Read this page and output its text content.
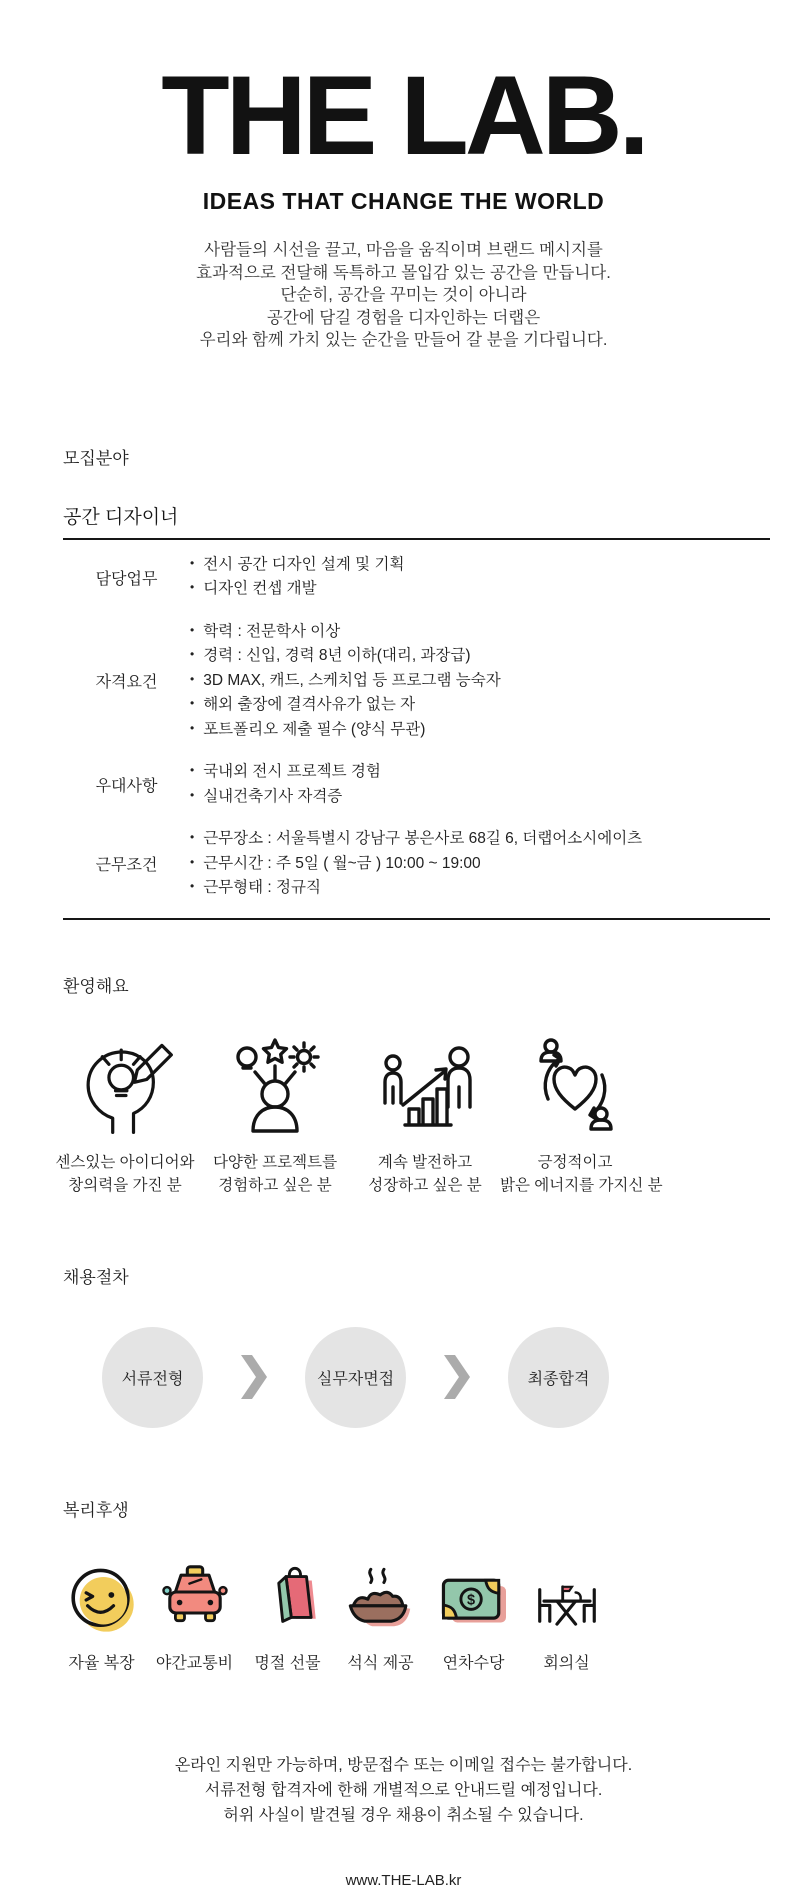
THE LAB.
IDEAS THAT CHANGE THE WORLD
사람들의 시선을 끌고, 마음을 움직이며 브랜드 메시지를
효과적으로 전달해 독특하고 몰입감 있는 공간을 만듭니다.
단순히, 공간을 꾸미는 것이 아니라
공간에 담길 경험을 디자인하는 더랩은
우리와 함께 가치 있는 순간을 만들어 갈 분을 기다립니다.
모집분야
공간 디자이너
담당업무
• 전시 공간 디자인 설계 및 기획
• 디자인 컨셉 개발
자격요건
• 학력 : 전문학사 이상
• 경력 : 신입, 경력 8년 이하(대리, 과장급)
• 3D MAX, 캐드, 스케치업 등 프로그램 능숙자
• 해외 출장에 결격사유가 없는 자
• 포트폴리오 제출 필수 (양식 무관)
우대사항
• 국내외 전시 프로젝트 경험
• 실내건축기사 자격증
근무조건
• 근무장소 : 서울특별시 강남구 봉은사로 68길 6, 더랩어소시에이츠
• 근무시간 : 주 5일 ( 월~금 ) 10:00 ~ 19:00
• 근무형태 : 정규직
환영해요
센스있는 아이디어와
창의력을 가진 분
다양한 프로젝트를
경험하고 싶은 분
계속 발전하고
성장하고 싶은 분
긍정적이고
밝은 에너지를 가지신 분
채용절차
서류전형	실무자면접	최종합격
복리후생
자율 복장	야간교통비	명절 선물	석식 제공
$
연차수당	회의실
온라인 지원만 가능하며, 방문접수 또는 이메일 접수는 불가합니다.
서류전형 합격자에 한해 개별적으로 안내드릴 예정입니다.
허위 사실이 발견될 경우 채용이 취소될 수 있습니다.
www.THE-LAB.kr
